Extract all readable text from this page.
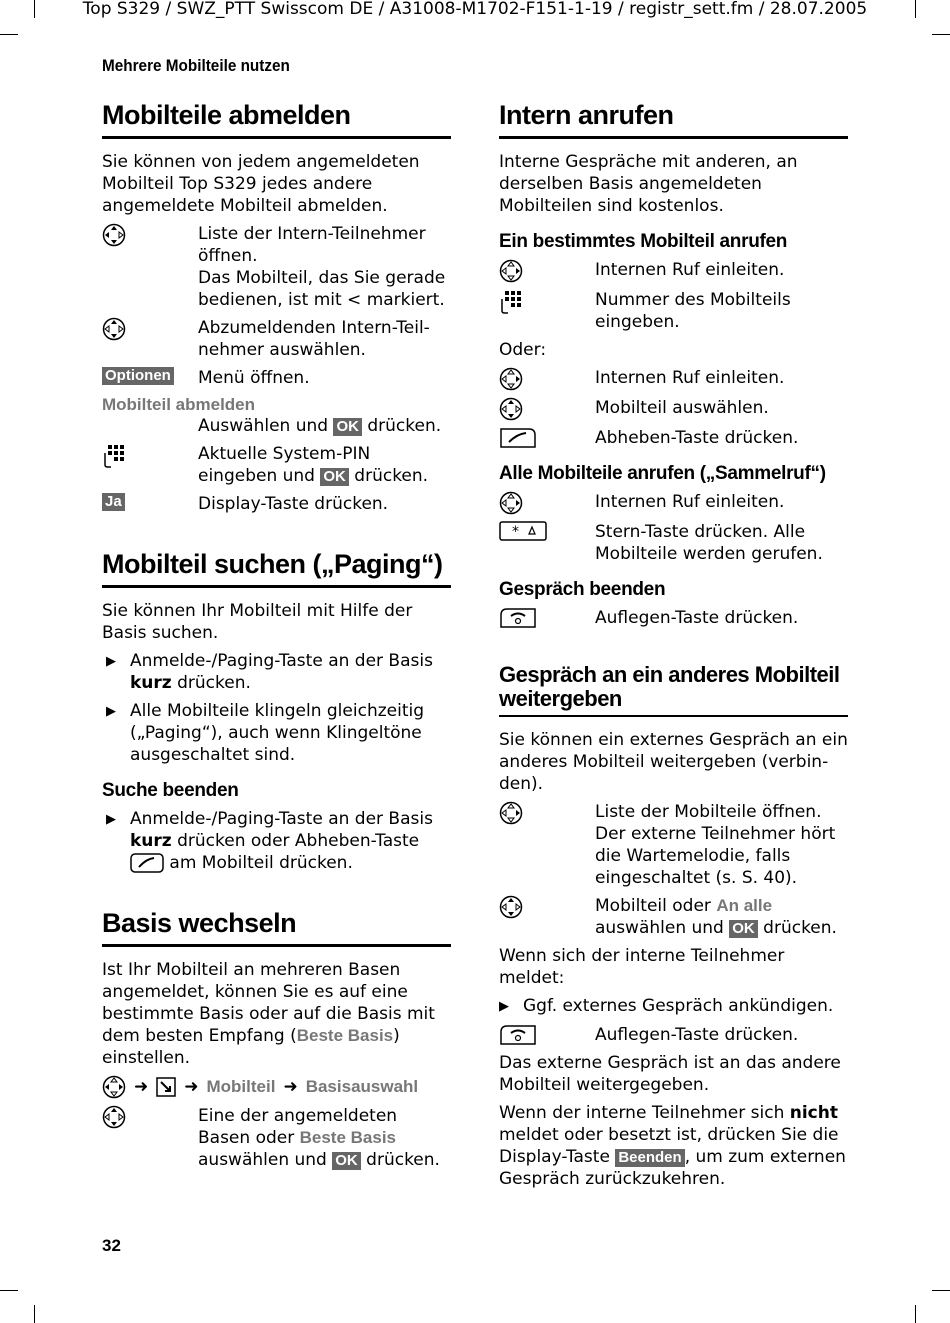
Top S329 / SWZ_PTT Swisscom DE / A31008-M1702-F151-1-19 / registr_sett.fm / 28.07.2005
Mehrere Mobilteile nutzen
Mobilteile abmelden

Sie können von jedem angemeldeten Mobilteil Top S329 jedes andere angemeldete Mobilteil abmelden.

Liste der Intern-Teilnehmer öffnen.
Das Mobilteil, das Sie gerade bedienen, ist mit < markiert.
Abzumeldenden Intern-Teilnehmer auswählen.
Optionen Menü öffnen.
Mobilteil abmelden
Auswählen und OK drücken.
Aktuelle System-PIN eingeben und OK drücken.
Ja	Display-Taste drücken.
Mobilteil suchen („Paging“)

Sie können Ihr Mobilteil mit Hilfe der Basis suchen.

▶ Anmelde-/Paging-Taste an der Basis kurz drücken.
▶ Alle Mobilteile klingeln gleichzeitig („Paging“), auch wenn Klingeltöne ausgeschaltet sind.
Suche beenden
▶ Anmelde-/Paging-Taste an der Basis kurz drücken oder Abheben-Taste
am Mobilteil drücken.
Basis wechseln

Ist Ihr Mobilteil an mehreren Basen angemeldet, können Sie es auf eine bestimmte Basis oder auf die Basis mit dem besten Empfang (Beste Basis) einstellen.

➜ ➜ Mobilteil ➜ Basisauswahl
Eine der angemeldeten Basen oder Beste Basis auswählen und OK drücken.
Intern anrufen

Interne Gespräche mit anderen, an derselben Basis angemeldeten Mobilteilen sind kostenlos.

Ein bestimmtes Mobilteil anrufen
Internen Ruf einleiten.
Nummer des Mobilteils eingeben.

Oder:

Internen Ruf einleiten.
Mobilteil auswählen.
Abheben-Taste drücken.
Alle Mobilteile anrufen („Sammelruf“)
Internen Ruf einleiten.
*	Stern-Taste drücken. Alle Mobilteile werden gerufen.
Gespräch beenden
Auflegen-Taste drücken.
Gespräch an ein anderes Mobilteil weitergeben

Sie können ein externes Gespräch an ein anderes Mobilteil weitergeben (verbinden).

Liste der Mobilteile öffnen.
Der externe Teilnehmer hört die Wartemelodie, falls eingeschaltet (s. S. 40).
Mobilteil oder An alle auswählen und OK drücken.

Wenn sich der interne Teilnehmer meldet:

▶ Ggf. externes Gespräch ankündigen.
Auflegen-Taste drücken.

Das externe Gespräch ist an das andere Mobilteil weitergegeben.

Wenn der interne Teilnehmer sich nicht meldet oder besetzt ist, drücken Sie die Display-Taste Beenden , um zum externen Gespräch zurückzukehren.

32
